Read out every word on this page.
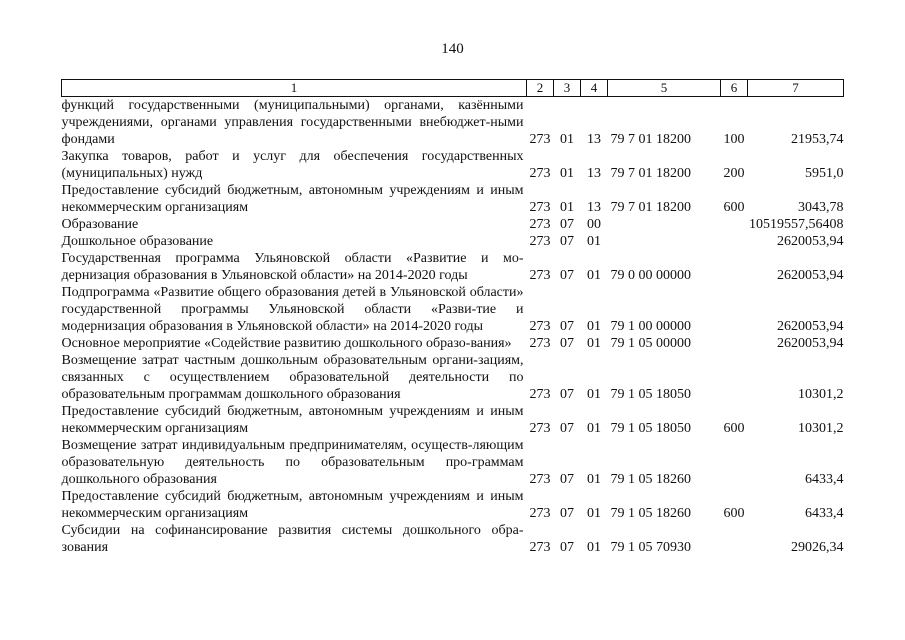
140
1	2	3	4	5	6	7
функций государственными (муниципальными) органами, казёнными учреждениями, органами управления государственными внебюджет-ными фондами	273	01	13	79 7 01 18200	100	21953,74
Закупка товаров, работ и услуг для обеспечения государственных (муниципальных) нужд	273	01	13	79 7 01 18200	200	5951,0
Предоставление субсидий бюджетным, автономным учреждениям и иным некоммерческим организациям	273	01	13	79 7 01 18200	600	3043,78
Образование	273	07	00			10519557,56408
Дошкольное образование	273	07	01			2620053,94
Государственная программа Ульяновской области «Развитие и мо-дернизация образования в Ульяновской области» на 2014-2020 годы	273	07	01	79 0 00 00000		2620053,94
Подпрограмма «Развитие общего образования детей в Ульяновской области» государственной программы Ульяновской области «Разви-тие и модернизация образования в Ульяновской области» на 2014-2020 годы	273	07	01	79 1 00 00000		2620053,94
Основное мероприятие «Содействие развитию дошкольного образо-вания»	273	07	01	79 1 05 00000		2620053,94
Возмещение затрат частным дошкольным образовательным органи-зациям, связанных с осуществлением образовательной деятельности по образовательным программам дошкольного образования	273	07	01	79 1 05 18050		10301,2
Предоставление субсидий бюджетным, автономным учреждениям и иным некоммерческим организациям	273	07	01	79 1 05 18050	600	10301,2
Возмещение затрат индивидуальным предпринимателям, осуществ-ляющим образовательную деятельность по образовательным про-граммам дошкольного образования	273	07	01	79 1 05 18260		6433,4
Предоставление субсидий бюджетным, автономным учреждениям и иным некоммерческим организациям	273	07	01	79 1 05 18260	600	6433,4
Субсидии на софинансирование развития системы дошкольного обра-зования	273	07	01	79 1 05 70930		29026,34
